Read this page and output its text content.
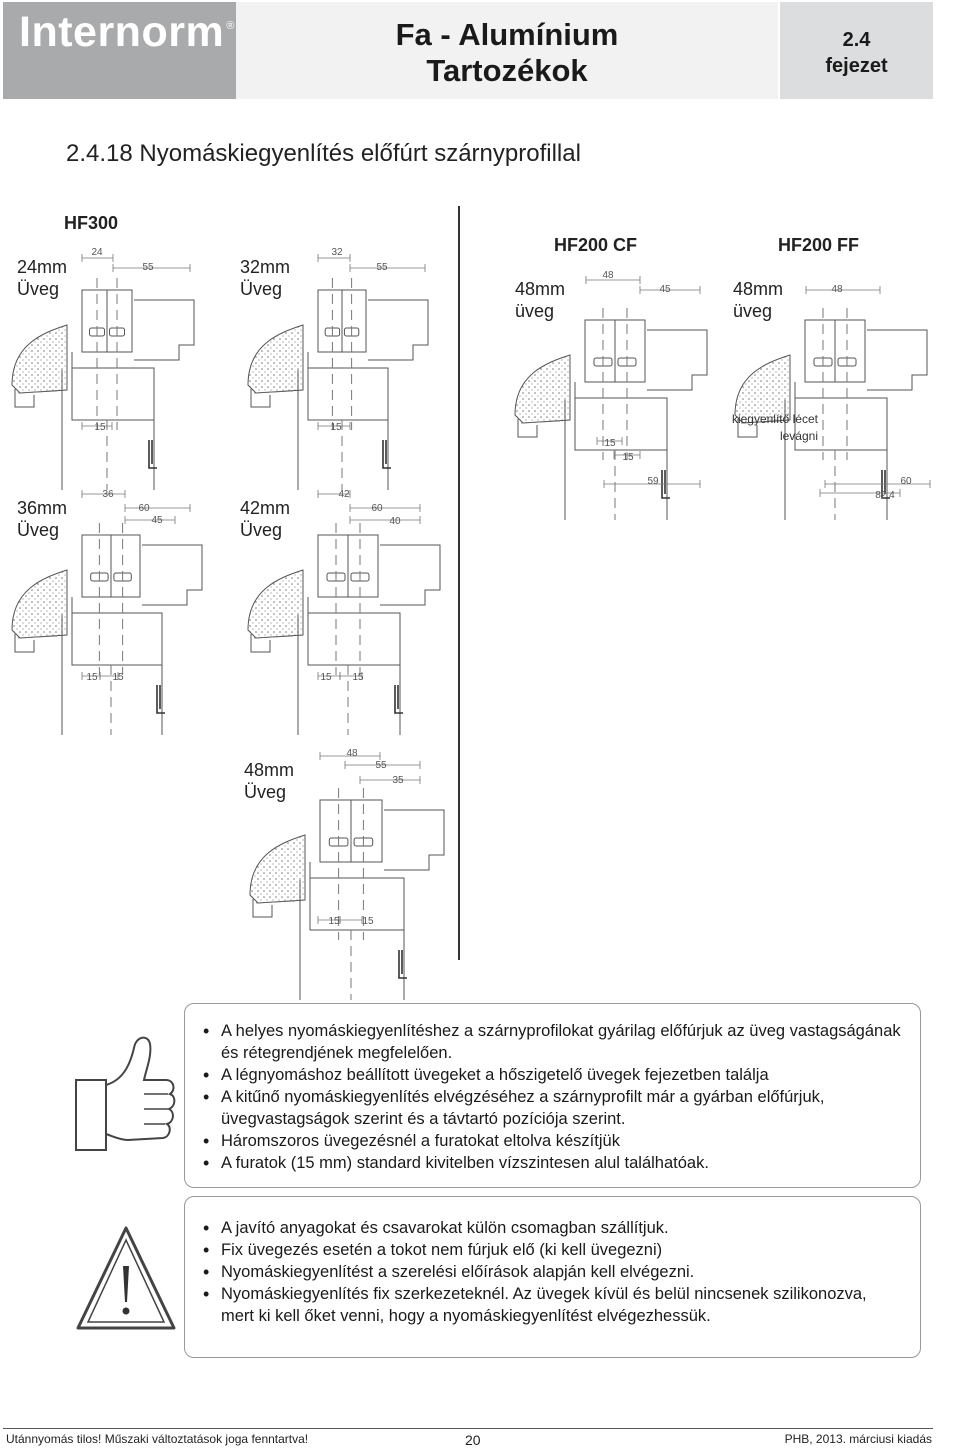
Internorm ®	Fa - Alumínium
Tartozékok
2.4
fejezet
2.4.18 Nyomáskiegyenlítés előfúrt szárnyprofillal
24
55
15
32
55
15
48
45
59
15
15
48
60
82.4
36
60
45
15 15
42
60
40
15 15
48
55
35
15 15
HF300
HF200 CF	HF200 FF
24mm
Üveg
32mm
Üveg	48mm
üveg
48mm
üveg
36mm
Üveg
42mm
Üveg
48mm
Üveg
kiegyenlítő lécet
levágni
• A helyes nyomáskiegyenlítéshez a szárnyprofilokat gyárilag előfúrjuk az üveg vastagságának és rétegrendjének megfelelően.
• A légnyomáshoz beállított üvegeket a hőszigetelő üvegek fejezetben találja
• A kitűnő nyomáskiegyenlítés elvégzéséhez a szárnyprofilt már a gyárban előfúrjuk, üvegvastagságok szerint és a távtartó pozíciója szerint.
• Háromszoros üvegezésnél a furatokat eltolva készítjük
• A furatok (15 mm) standard kivitelben vízszintesen alul találhatóak.
• A javító anyagokat és csavarokat külön csomagban szállítjuk.
• Fix üvegezés esetén a tokot nem fúrjuk elő (ki kell üvegezni)
• Nyomáskiegyenlítést a szerelési előírások alapján kell elvégezni.
• Nyomáskiegyenlítés fix szerkezeteknél. Az üvegek kívül és belül nincsenek szilikonozva, mert ki kell őket venni, hogy a nyomáskiegyenlítést elvégezhessük.
Utánnyomás tilos! Műszaki változtatások joga fenntartva!	20	PHB, 2013. márciusi kiadás
